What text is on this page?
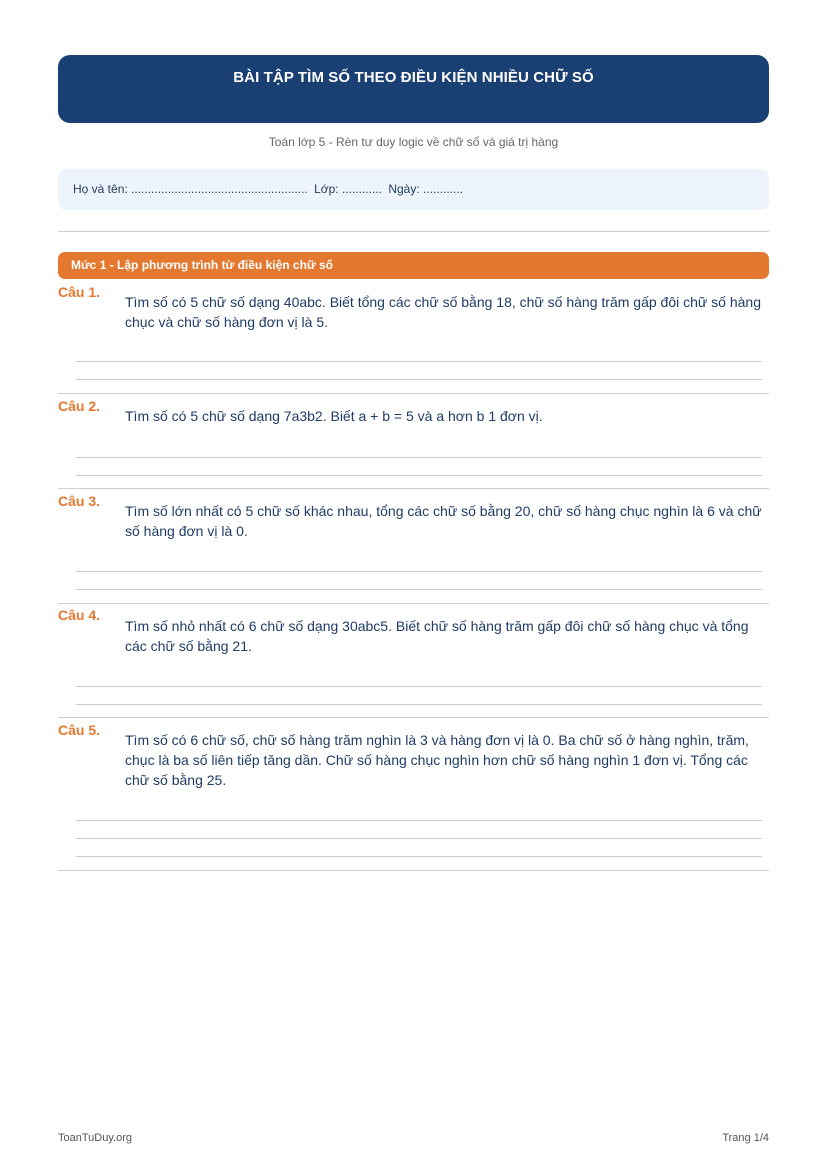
BÀI TẬP TÌM SỐ THEO ĐIỀU KIỆN NHIỀU CHỮ SỐ
Toán lớp 5 - Rèn tư duy logic về chữ số và giá trị hàng
Họ và tên: ..................................................... Lớp: ............ Ngày: ............
Mức 1 - Lập phương trình từ điều kiện chữ số
Câu 1.
Tìm số có 5 chữ số dạng 40abc. Biết tổng các chữ số bằng 18, chữ số hàng trăm gấp đôi chữ số hàng chục và chữ số hàng đơn vị là 5.
Câu 2.
Tìm số có 5 chữ số dạng 7a3b2. Biết a + b = 5 và a hơn b 1 đơn vị.
Câu 3.
Tìm số lớn nhất có 5 chữ số khác nhau, tổng các chữ số bằng 20, chữ số hàng chục nghìn là 6 và chữ số hàng đơn vị là 0.
Câu 4.
Tìm số nhỏ nhất có 6 chữ số dạng 30abc5. Biết chữ số hàng trăm gấp đôi chữ số hàng chục và tổng các chữ số bằng 21.
Câu 5.
Tìm số có 6 chữ số, chữ số hàng trăm nghìn là 3 và hàng đơn vị là 0. Ba chữ số ở hàng nghìn, trăm, chục là ba số liên tiếp tăng dần. Chữ số hàng chục nghìn hơn chữ số hàng nghìn 1 đơn vị. Tổng các chữ số bằng 25.
ToanTuDuy.org	Trang 1/4
